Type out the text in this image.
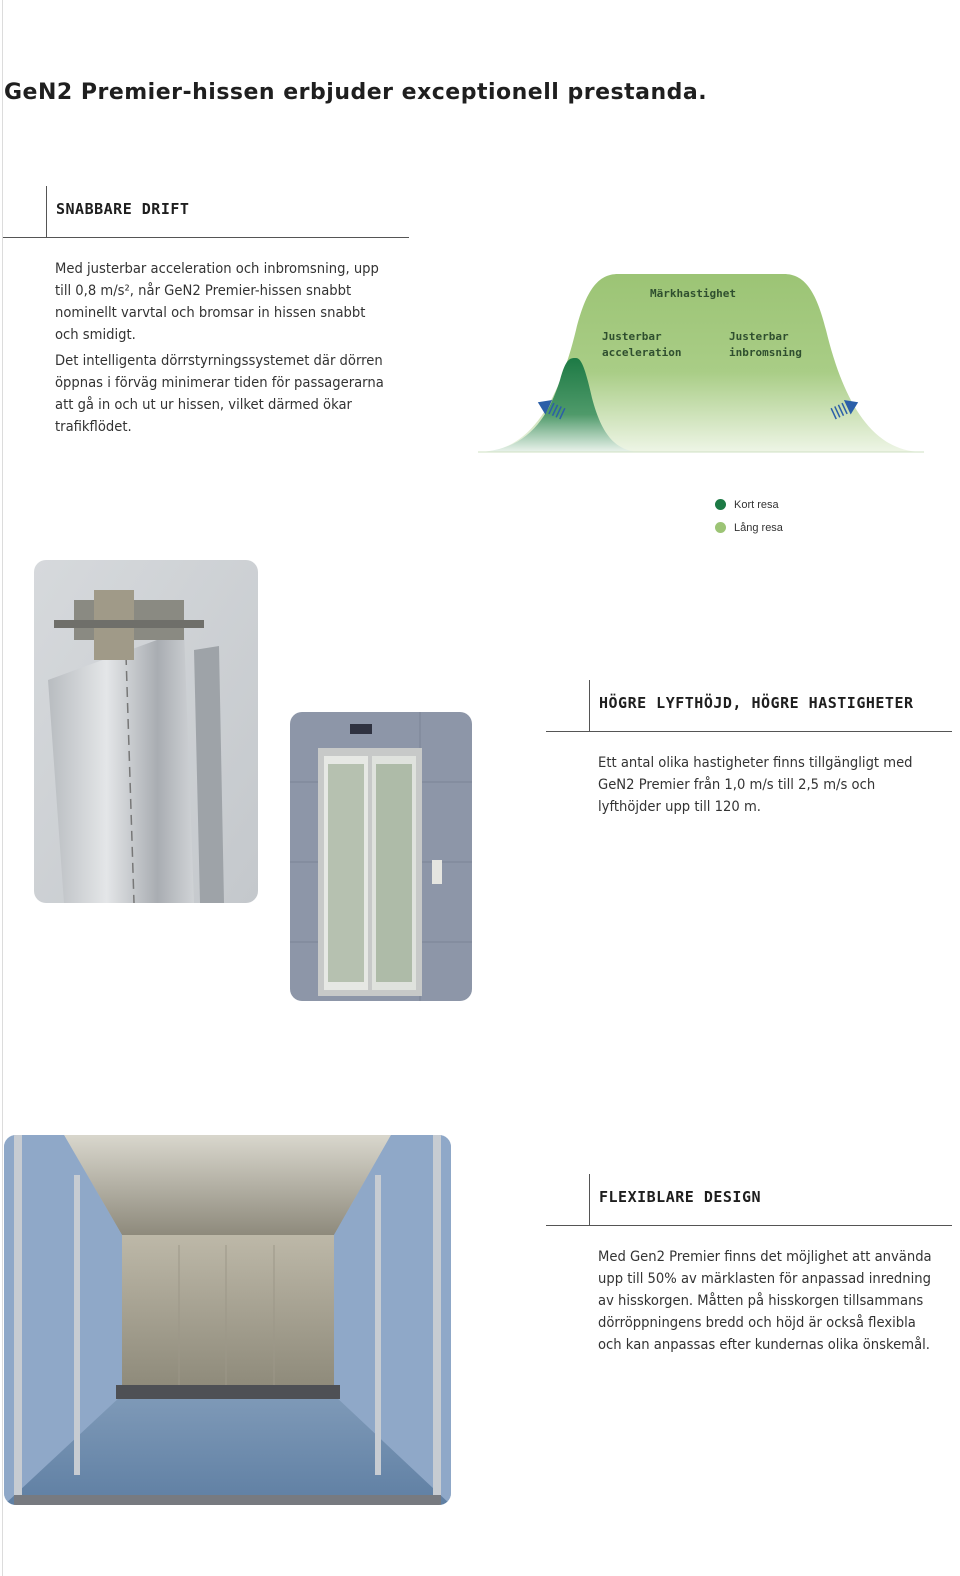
GeN2 Premier-hissen erbjuder exceptionell prestanda.
SNABBARE DRIFT

Med justerbar acceleration och inbromsning, upp

till 0,8 m/s², når GeN2 Premier-hissen snabbt

nominellt varvtal och bromsar in hissen snabbt

och smidigt.

Det intelligenta dörrstyrningssystemet där dörren

öppnas i förväg minimerar tiden för passagerarna

att gå in och ut ur hissen, vilket därmed ökar

trafikflödet.

Märkhastighet
Justerbar
acceleration
Justerbar
inbromsning
Kort resa
Lång resa
HÖGRE LYFTHÖJD, HÖGRE HASTIGHETER

Ett antal olika hastigheter finns tillgängligt med

GeN2 Premier från 1,0 m/s till 2,5 m/s och

lyfthöjder upp till 120 m.

FLEXIBLARE DESIGN

Med Gen2 Premier finns det möjlighet att använda

upp till 50% av märklasten för anpassad inredning

av hisskorgen. Måtten på hisskorgen tillsammans

dörröppningens bredd och höjd är också flexibla

och kan anpassas efter kundernas olika önskemål.
